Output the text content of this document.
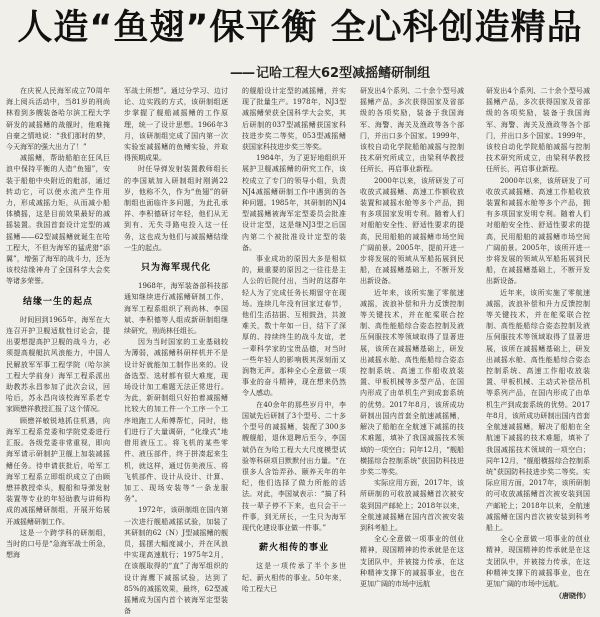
人造“鱼翅”保平衡 全心科创造精品
—— 记哈工程大62型减摇鳍研制组

在庆祝人民海军成立70周年海上阅兵活动中，当81岁的刑尚林看到多艘装备哈尔滨工程大学研发的减摇鳍的战舰时，他难掩自豪之情地说：“我们那时的梦，今天海军的强大出力了！”

减摇鳍，帮助船舶在狂风巨浪中保持平衡的人造“鱼翅”，安装于船舶中央附近的舭部，通过转动它，可以使水流产生作用力，形成减摇力矩，从而减小船体横摇，这是目前效果最好的减摇装置。我国首套设计定型的减摇鳍——62型减摇鳍就诞生在哈工程大，不但为海军的猛虎猎“添翼”，增强了海军的战斗力，还为该校结缘神舟了全国科学大会奖等诸多荣誉。

结缘一生的起点

时间回到1965年，海军在大连召开护卫舰适航性讨论会，提出要想提高护卫舰的战斗力，必须提高舰艇抗风浪能力，中国人民解放军军事工程学院（哈尔滨工程大学前身）海军工程系派出助教苏永昌参加了此次会议，回哈后，苏永昌向该校海军系老专家顾懋祥教授汇报了这个情况。

顾懋祥敏锐地抓住机遇，向海军工程系党委和学院党委进行汇报。各级党委非常重视，即向海军请示研制护卫舰上加装减摇鳍任务。待申请获批后，哈军工海军工程系立即组织成立了由顾懋祥教授牵头，舰船和导弹发射装置等专业的年轻助教与讲师构成的减摇鳍研制组，开展开始展开减摇鳍研制工作。

这是一个跨学科的研制组，当时的口号是“急海军战士所急，想海

军战士所想”。通过分学习、边讨论、边实践的方式，该研制组逐步掌握了舰船减摇鳍的工作原理，统一了设计思想。1966年3月，该研制组完成了国内第一次实验室减摇鳍的鱼鳍实验，并取得预期成果。

时任导弹发射装置教师组长的李国斌加入研制组时刚满22岁，他称不久，作为“鱼翅”的研制组也面临许多问题，为此孔承祥、李积德研讨年轻，他们从无到有、无失寻路电投入这一任务，这也成为他们与减摇鳍结缘一生的起点。

只为海军现代化

1968年，海军装备部科技部通知继续进行减摇鳍研制工作，海军工程系组织了刑尚林、李国斌、李积德等人组成新研制组继续研究，刑尚林任组长。

因为当时国家的工业基础较为薄弱，减摇鳍科研样机并不是设计好就能加工制作出来的。设备选型、选材都有很大难度，现场设计加工难题无法正常进行。为此，新研制组只好拍着减摇鳍比较大的加工件一个工序一个工序地跑工人师傅帮忙，同时，他们进行了大量调研，“化缘式”地借用液压工。将飞机的某些零件、液压部件，终于拼凑起来生机，就这样，通过仿美液压、将飞机部件、设计从设计、计算、加工、现场安装等“一条龙服务”。

1972年，该研制组在国内第一次进行舰船减摇试验，加装了其研制的62（N）J型减摇鳍的舰员，摇摆大幅度减小，并在风浪中实现高速航行；1975年2月，在该舰取得的“直”了海军组织的设计海鹰下减摇试验，达到了85%的减摇效果，最终，62型减摇鳍成为国内首个被海军定型装备

的舰船设计定型的减摇鳍，并实现了批量生产。1978年，NJ3型减摇鳍荣获全国科学大会奖，其后研制的037型减摇鳍获国家科技进步奖二等奖，053型减摇鳍获国家科技进步奖三等奖。

1984年，为了更好地组织开展护卫舰减摇鳍的研究工作，该校成立了专门的领导小组，负责NJ4减摇鳍研制工作中遇到的各种问题。1985年，其研制的NJ4型减摇鳍被海军定型委员会批准设计定型，这是继NJ3型之后国内第二个被批准设计定型的装备。

事业成功的原因大多是相似的，最重要的原因之一往往是主人公的后院付出，当时的这群年轻人为了完成任务长期留守在现场。连续几年没有回家过春节，他们生活拮据、互相鼓劲，共渡难关，数十年如一日，结下了深厚的、持续终生的战斗友谊，老一辈科学家的宝贵品德，对当时一些年轻人的影响极其深刻而又润物无声。那种全心全意做一项事业的奋斗精神，现在想来仍然令人感动。

在40余年的那些岁月中，李国斌先后研制了3个型号、二十多个型号的减摇鳍，装配了300多艘舰船，退休退聘后至今，李国斌仍在为哈工程大大尺度模型试验等科研项目默默付出力量。“在很多人含饴弄孙、颐养天年的年纪，他们选择了做力所能的活法。对此，李国斌表示：“搞了科技一辈子停不下来，也只会干一件事，到无所长，一生只为海军现代化建设事业做一件事。”

薪火相传的事业

这是一项传承了半个多世纪、薪火相传的事业。50年来，哈工程大已

研发出4个系列、二十余个型号减摇鳍产品，多次获得国家及省部级的各项奖励，装备于我国海军、海警、海关及渔政等各个部门，并出口多个国家。1999年，该校自动化学院船舶减摇与控制技术研究所成立，由梁利华教授任所长，再启事业新程。

2000年以来，该所研发了可收放式减摇鳍、高速工作额收放装置和减摇水舱等多个产品，拥有多项国家发明专利。随着人们对船舶安全性、舒适性要求的提高，民用船舶的减摇鳍市场空间广阔前景。2005年，提前开进一步将发展的领域从军船拓展到民船，在减摇鳍基础上，不断开发出新设备。

近年来，该所实施了零航速减摇，波浪补偿和升力反馈控制等关键技术，并在舵桨联合控制、高性能船综合姿态控制及液压伺服技术等领域取得了显著进展，该所在减摇鳍基础上，研发出减摇水舱、高性能船综合姿态控制系统、高速工作船收放装置、甲板机械等多型产品，在国内形成了由单机生产到成套系统的优势。2017年8月，该所成功研制出国内首套全航速减摇鳍，解决了船舶在全航速下减摇的技术难题，填补了我国减摇技术领域的一项空白；同年12月，“舰船横摇综合控制系统”获国防科技进步奖二等奖。

实际应用方面，2017年，该所研制的可收放减摇鳍首次被安装到国产邮轮上；2018年以来，全航速减摇鳍在国内首次被安装到科考船上。

全心全意做一项事业的创业精神，现国精神的传承就是在这支团队中，并被接力传承，在这种精神支撑下的减摇事业，也在更加广阔的市场中远航

研发出4个系列、二十余个型号减摇鳍产品，多次获得国家及省部级的各项奖励，装备于我国海军、海警、海关及渔政等各个部门，并出口多个国家。1999年，该校自动化学院船舶减摇与控制技术研究所成立，由梁利华教授任所长，再启事业新程。

2000年以来，该所研发了可收放式减摇鳍、高速工作船收放装置和减摇水舱等多个产品，拥有多项国家发明专利。随着人们对船舶安全性、舒适性要求的提高，民用船舶的减摇鳍市场空间广阔前景。2005年，该所开进一步将发展的领域从军船拓展到民船，在减摇鳍基础上，不断开发出新设备。

近年来，该所实施了零航速减摇，波浪补偿和升力反馈控制等关键技术，并在舵桨联合控制、高性能船综合姿态控制及液压伺服技术等领域取得了显著进展，该所在减摇鳍基础上，研发出减摇水舱、高性能船综合姿态控制系统、高速工作船收放装置、甲板机械、主动式补偿吊机等系列产品，在国内形成了由单机生产到成套系统的优势。2017年8月，该所成功研制出国内首套全航速减摇鳍，解决了船舶在全航速下减摇的技术难题，填补了我国减摇技术领域的一项空白；同年12月，“舰船横摇综合控制系统”获国防科技进步奖二等奖。实际应用方面，2017年，该所研制的可收放减摇鳍首次被安装到国产邮轮上；2018年以来，全航速减摇鳍在国内首次被安装到科考船上。

全心全意做一项事业的创业精神，现国精神的传承就是在这支团队中，并被接力传承，在这种精神支撑下的减摇事业，也在更加广阔的市场中远航。

（唐晓伟）
